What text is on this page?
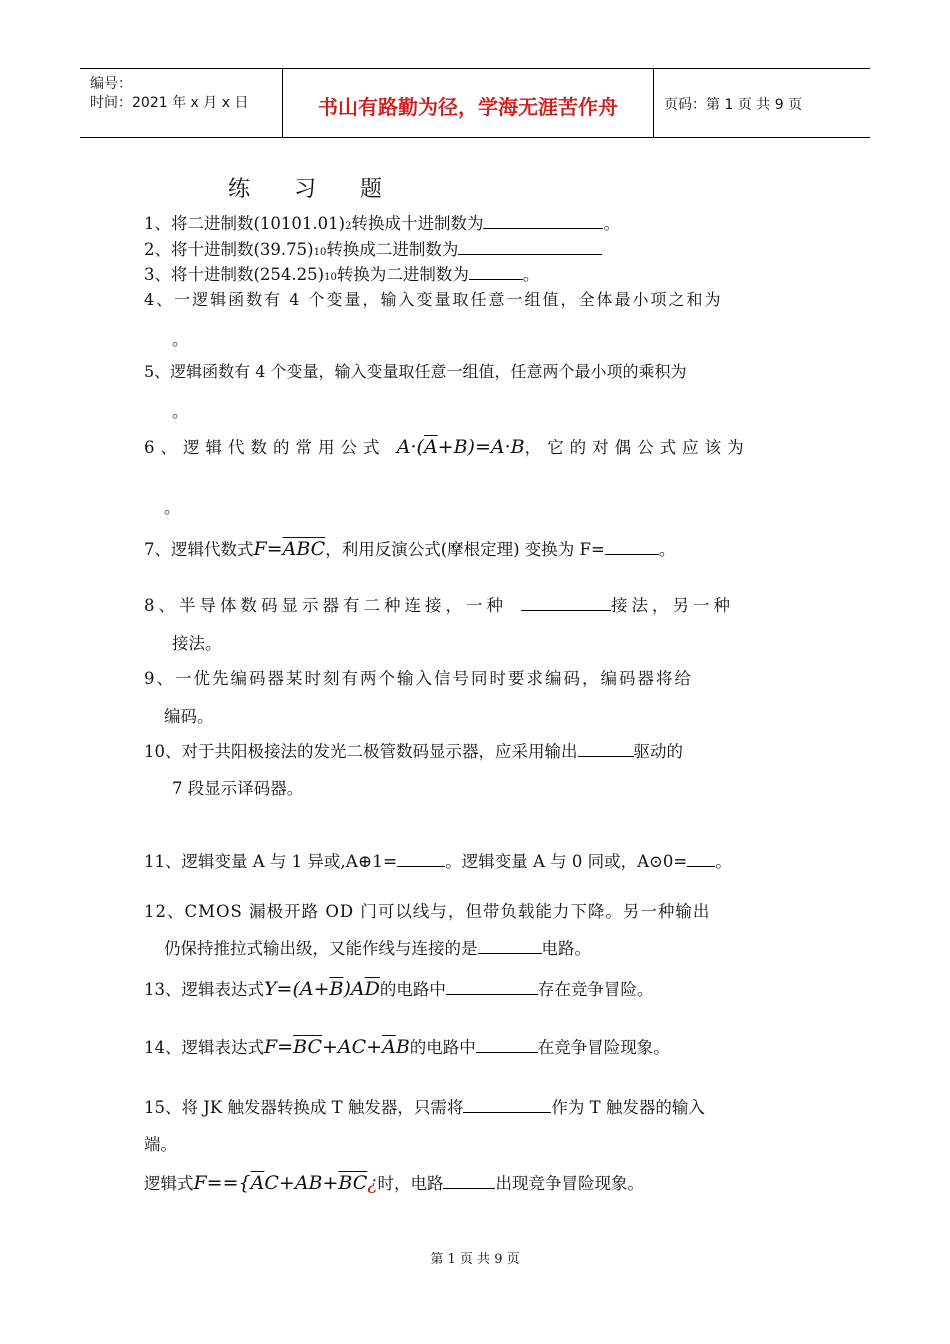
编号：
时间：2021 年 x 月 x 日	书山有路勤为径，学海无涯苦作舟	页码：第 1 页 共 9 页
练 习 题
1、将二进制数(10101.01)2转换成十进制数为	。
2、将十进制数(39.75)10转换成二进制数为
3、将十进制数(254.25)10转换为二进制数为	。
4、一逻辑函数有 4 个变量，输入变量取任意一组值，全体最小项之和为
。
5、逻辑函数有 4 个变量，输入变量取任意一组值，任意两个最小项的乘积为
。
6、逻辑代数的常用公式 $A\cdot(\overline{A}+B)=A\cdot B$，它的对偶公式应该为
。
7、逻辑代数式$F=\overline{ABC}$，利用反演公式(摩根定理) 变换为 F=	。
8、半导体数码显示器有二种连接，一种	接法，另一种
接法。
9、一优先编码器某时刻有两个输入信号同时要求编码，编码器将给
编码。
10、对于共阳极接法的发光二极管数码显示器，应采用输出	驱动的
7 段显示译码器。
11、逻辑变量 A 与 1 异或,A⊕1=	。逻辑变量 A 与 0 同或，A⊙0= 。
12、CMOS 漏极开路 OD 门可以线与，但带负载能力下降。另一种输出
仍保持推拉式输出级，又能作线与连接的是	电路。
13、逻辑表达式$Y=(A+\overline{B})A\overline{D}$的电路中	存在竞争冒险。
14、逻辑表达式$F=\overline{B}\overline{C}+AC+\overline{A}B$的电路中	在竞争冒险现象。
15、将 JK 触发器转换成 T 触发器，只需将	作为 T 触发器的输入
端。
逻辑式$F==\{\overline{A}C+AB+\overline{B}\overline{C}¿$时，电路	出现竞争冒险现象。
第 1 页 共 9 页
